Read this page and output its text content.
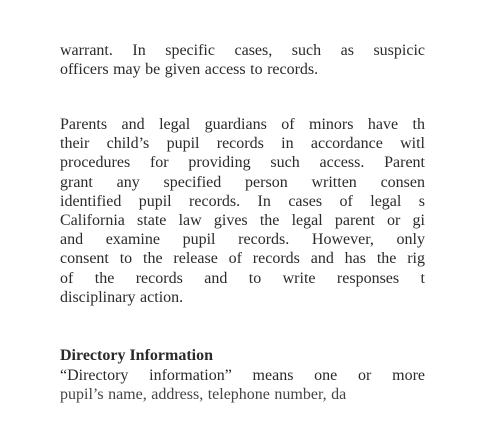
warrant. In specific cases, such as suspicic
officers may be given access to records.

Parents and legal guardians of minors have th
their child’s pupil records in accordance witl
procedures for providing such access. Parent
grant any specified person written consen
identified pupil records. In cases of legal s
California state law gives the legal parent or gi
and examine pupil records. However, only
consent to the release of records and has the rig
of the records and to write responses t
disciplinary action.

Directory Information

“Directory information” means one or more
pupil’s name, address, telephone number, da
